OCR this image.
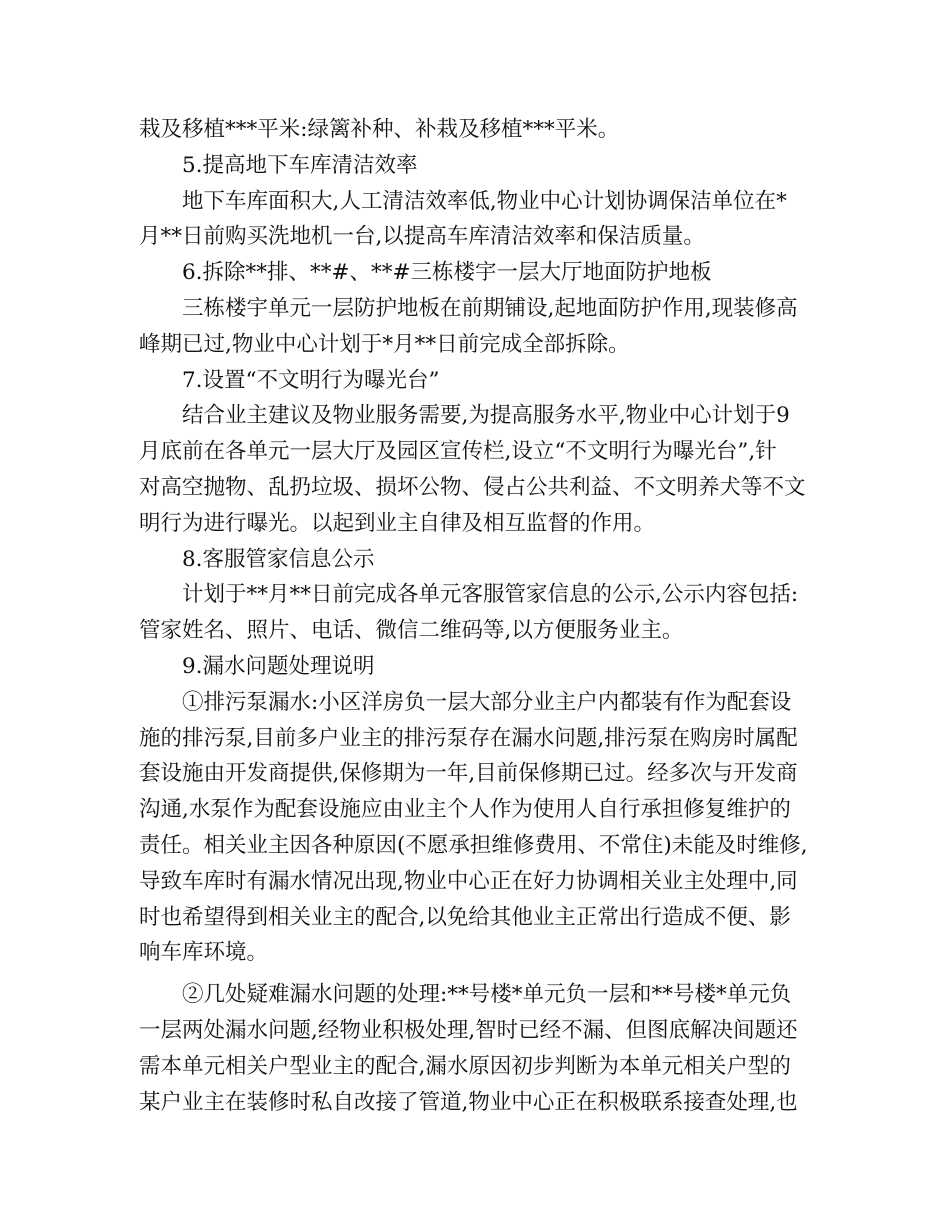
栽及移植***平米:绿篱补种、补栽及移植***平米。
5.提高地下车库清洁效率
地下车库面积大,人工清洁效率低,物业中心计划协调保洁单位在*
月**日前购买洗地机一台,以提高车库清洁效率和保洁质量。
6.拆除**排、**#、**#三栋楼宇一层大厅地面防护地板
三栋楼宇单元一层防护地板在前期铺设,起地面防护作用,现装修高
峰期已过,物业中心计划于*月**日前完成全部拆除。
7.设置“不文明行为曝光台”
结合业主建议及物业服务需要,为提高服务水平,物业中心计划于9
月底前在各单元一层大厅及园区宣传栏,设立“不文明行为曝光台”,针
对高空抛物、乱扔垃圾、损坏公物、侵占公共利益、不文明养犬等不文
明行为进行曝光。以起到业主自律及相互监督的作用。
8.客服管家信息公示
计划于**月**日前完成各单元客服管家信息的公示,公示内容包括:
管家姓名、照片、电话、微信二维码等,以方便服务业主。
9.漏水问题处理说明
①排污泵漏水:小区洋房负一层大部分业主户内都装有作为配套设
施的排污泵,目前多户业主的排污泵存在漏水问题,排污泵在购房时属配
套设施由开发商提供,保修期为一年,目前保修期已过。经多次与开发商
沟通,水泵作为配套设施应由业主个人作为使用人自行承担修复维护的
责任。相关业主因各种原因(不愿承担维修费用、不常住)未能及时维修,
导致车库时有漏水情况出现,物业中心正在好力协调相关业主处理中,同
时也希望得到相关业主的配合,以免给其他业主正常出行造成不便、影
响车库环境。
②几处疑难漏水问题的处理:**号楼*单元负一层和**号楼*单元负
一层两处漏水问题,经物业积极处理,智时已经不漏、但图底解决间题还
需本单元相关户型业主的配合,漏水原因初步判断为本单元相关户型的
某户业主在装修时私自改接了管道,物业中心正在积极联系接查处理,也
